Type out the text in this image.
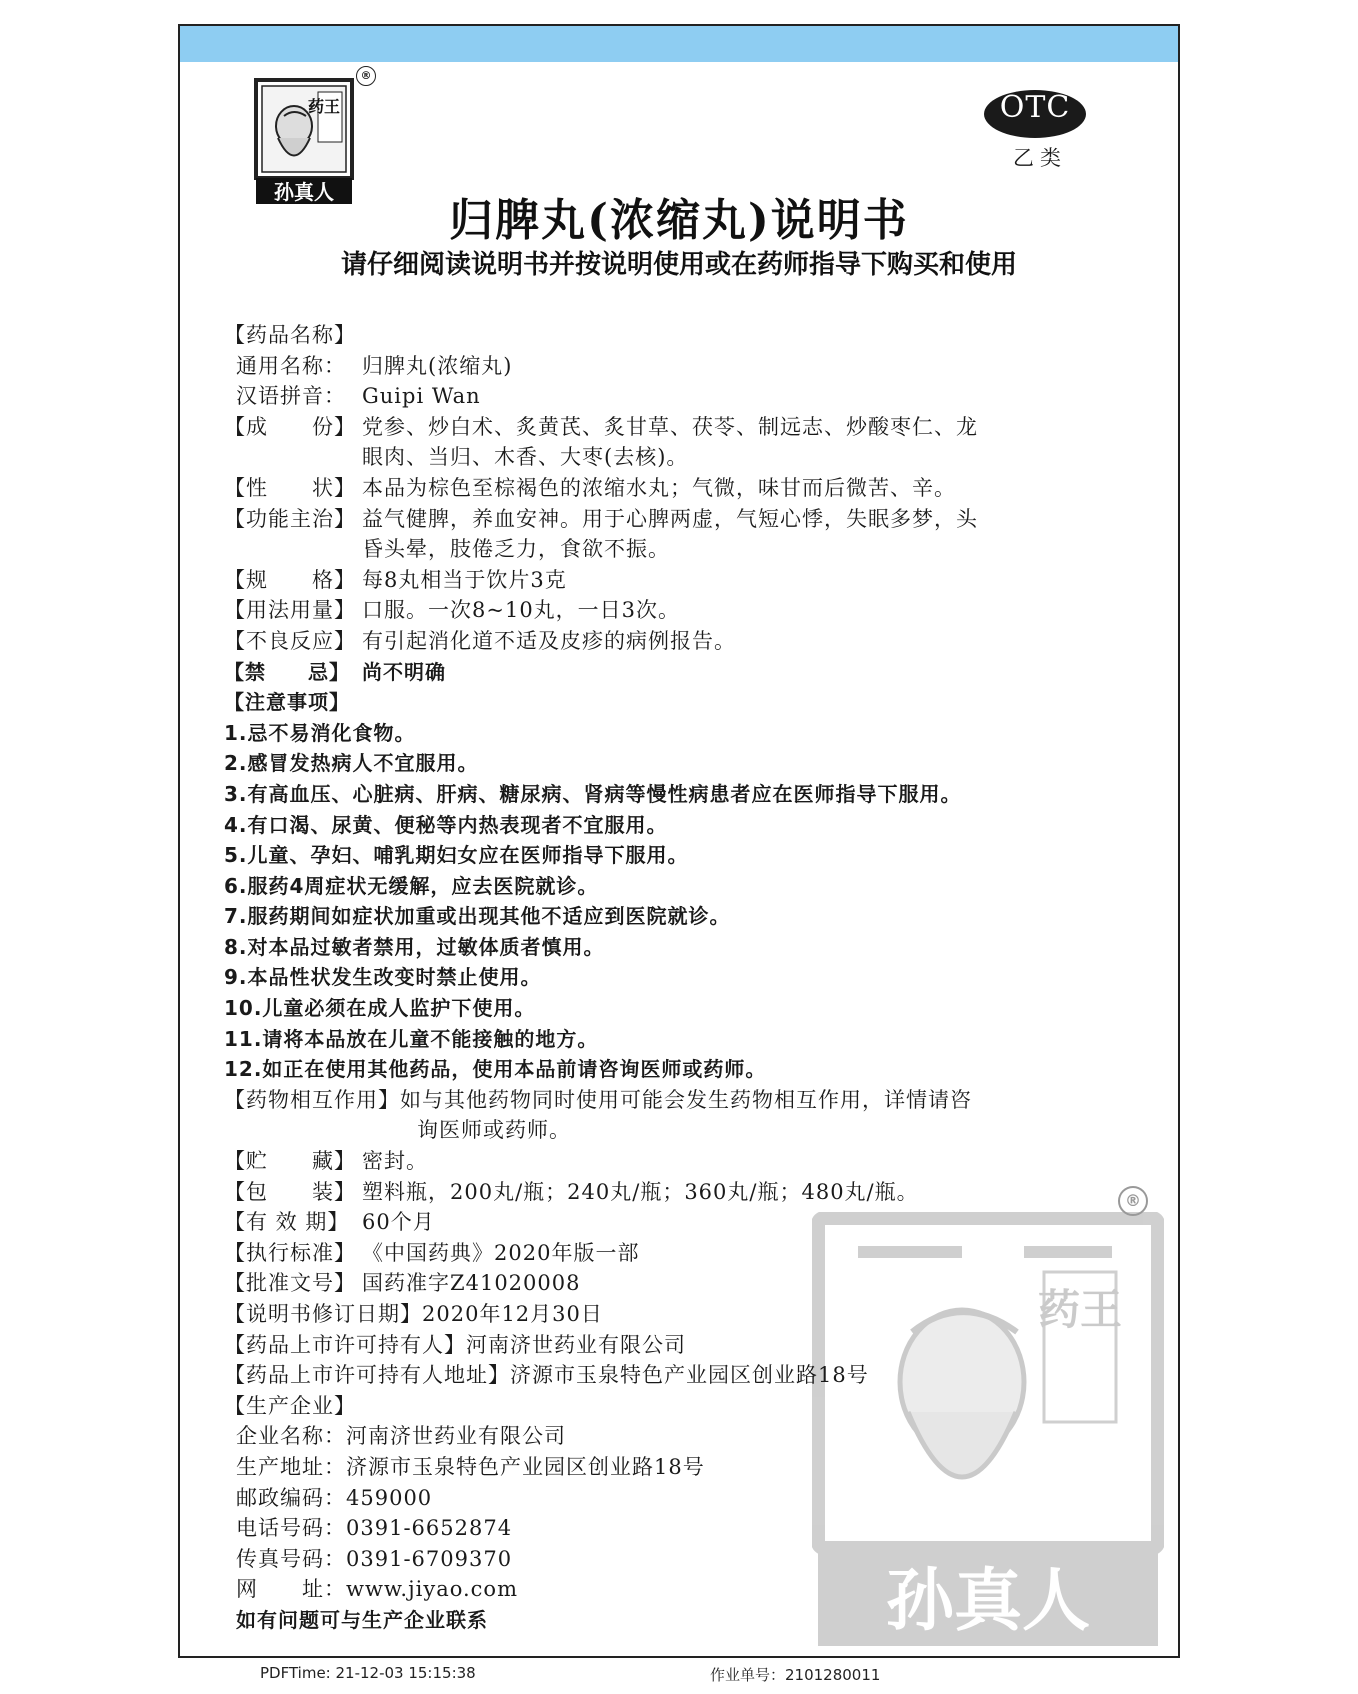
药王
孙真人
®
OTC
乙类
归脾丸(浓缩丸)说明书
请仔细阅读说明书并按说明使用或在药师指导下购买和使用
药王
孙真人
®
【药品名称】
通用名称： 归脾丸(浓缩丸)
汉语拼音： Guipi Wan
【成　　份】 党参、炒白术、炙黄芪、炙甘草、茯苓、制远志、炒酸枣仁、龙
眼肉、当归、木香、大枣(去核)。
【性　　状】 本品为棕色至棕褐色的浓缩水丸；气微，味甘而后微苦、辛。
【功能主治】 益气健脾，养血安神。用于心脾两虚，气短心悸，失眠多梦，头
昏头晕，肢倦乏力，食欲不振。
【规　　格】 每8丸相当于饮片3克
【用法用量】 口服。一次8~10丸，一日3次。
【不良反应】 有引起消化道不适及皮疹的病例报告。
【禁　　忌】 尚不明确
【注意事项】
1.忌不易消化食物。
2.感冒发热病人不宜服用。
3.有高血压、心脏病、肝病、糖尿病、肾病等慢性病患者应在医师指导下服用。
4.有口渴、尿黄、便秘等内热表现者不宜服用。
5.儿童、孕妇、哺乳期妇女应在医师指导下服用。
6.服药4周症状无缓解，应去医院就诊。
7.服药期间如症状加重或出现其他不适应到医院就诊。
8.对本品过敏者禁用，过敏体质者慎用。
9.本品性状发生改变时禁止使用。
10.儿童必须在成人监护下使用。
11.请将本品放在儿童不能接触的地方。
12.如正在使用其他药品，使用本品前请咨询医师或药师。
【药物相互作用】如与其他药物同时使用可能会发生药物相互作用，详情请咨
询医师或药师。
【贮　　藏】 密封。
【包　　装】 塑料瓶，200丸/瓶；240丸/瓶；360丸/瓶；480丸/瓶。
【有 效 期】 60个月
【执行标准】 《中国药典》2020年版一部
【批准文号】 国药准字Z41020008
【说明书修订日期】2020年12月30日
【药品上市许可持有人】河南济世药业有限公司
【药品上市许可持有人地址】济源市玉泉特色产业园区创业路18号
【生产企业】
企业名称：河南济世药业有限公司
生产地址：济源市玉泉特色产业园区创业路18号
邮政编码：459000
电话号码：0391-6652874
传真号码：0391-6709370
网　　址：www.jiyao.com
如有问题可与生产企业联系
PDFTime: 21-12-03 15:15:38	作业单号：2101280011
